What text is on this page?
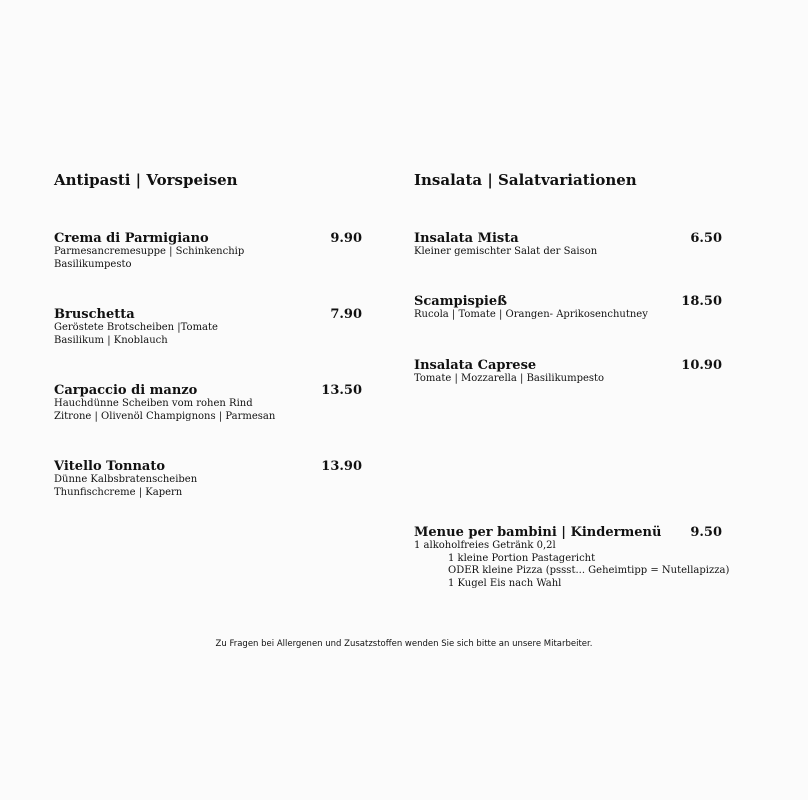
Antipasti | Vorspeisen
Crema di Parmigiano	9.90
Parmesancremesuppe | Schinkenchip
Basilikumpesto
Bruschetta	7.90
Geröstete Brotscheiben |Tomate
Basilikum | Knoblauch
Carpaccio di manzo	13.50
Hauchdünne Scheiben vom rohen Rind
Zitrone | Olivenöl Champignons | Parmesan
Vitello Tonnato	13.90
Dünne Kalbsbratenscheiben
Thunfischcreme | Kapern
Insalata | Salatvariationen
Insalata Mista	6.50
Kleiner gemischter Salat der Saison
Scampispieß	18.50
Rucola | Tomate | Orangen- Aprikosenchutney
Insalata Caprese	10.90
Tomate | Mozzarella | Basilikumpesto
Menue per bambini | Kindermenü 9.50
1 alkoholfreies Getränk 0,2l
1 kleine Portion Pastagericht
ODER kleine Pizza (pssst... Geheimtipp = Nutellapizza)
1 Kugel Eis nach Wahl
Zu Fragen bei Allergenen und Zusatzstoffen wenden Sie sich bitte an unsere Mitarbeiter.
